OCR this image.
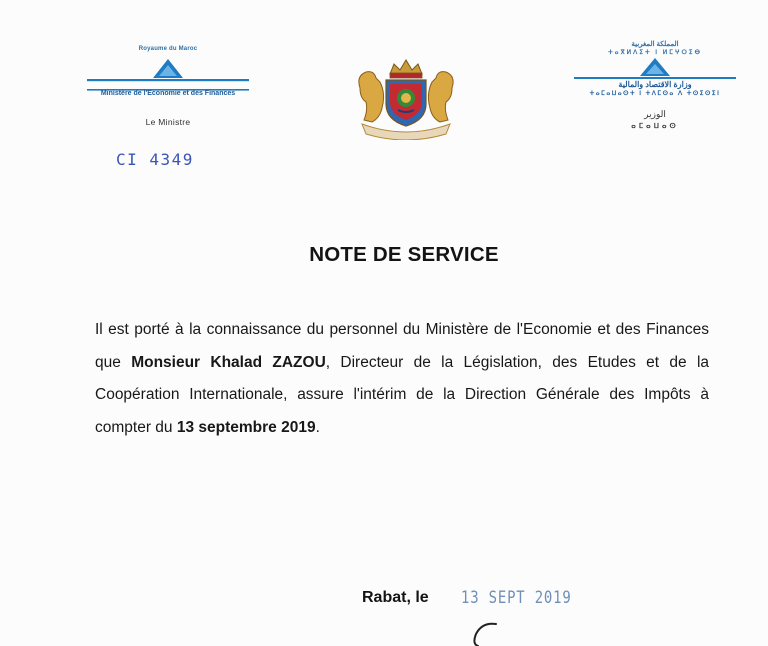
Royaume du Maroc
Ministère de l'Economie et des Finances
Le Ministre
CI 4349
المملكة المغربية
ⵜⴰⴳⵍⴷⵉⵜ ⵏ ⵍⵎⵖⵔⵉⴱ
وزارة الاقتصاد والمالية
ⵜⴰⵎⴰⵡⴰⵙⵜ ⵏ ⵜⴷⵎⵙⴰ ⴷ ⵜⵙⵉⵙⵉⵏ
الوزير
ⴰⵎⴰⵡⴰⵙ
NOTE DE SERVICE
Il est porté à la connaissance du personnel du Ministère de l'Economie et des Finances que Monsieur Khalad ZAZOU, Directeur de la Législation, des Etudes et de la Coopération Internationale, assure l'intérim de la Direction Générale des Impôts à compter du 13 septembre 2019.
Rabat, le 13 SEPT 2019
